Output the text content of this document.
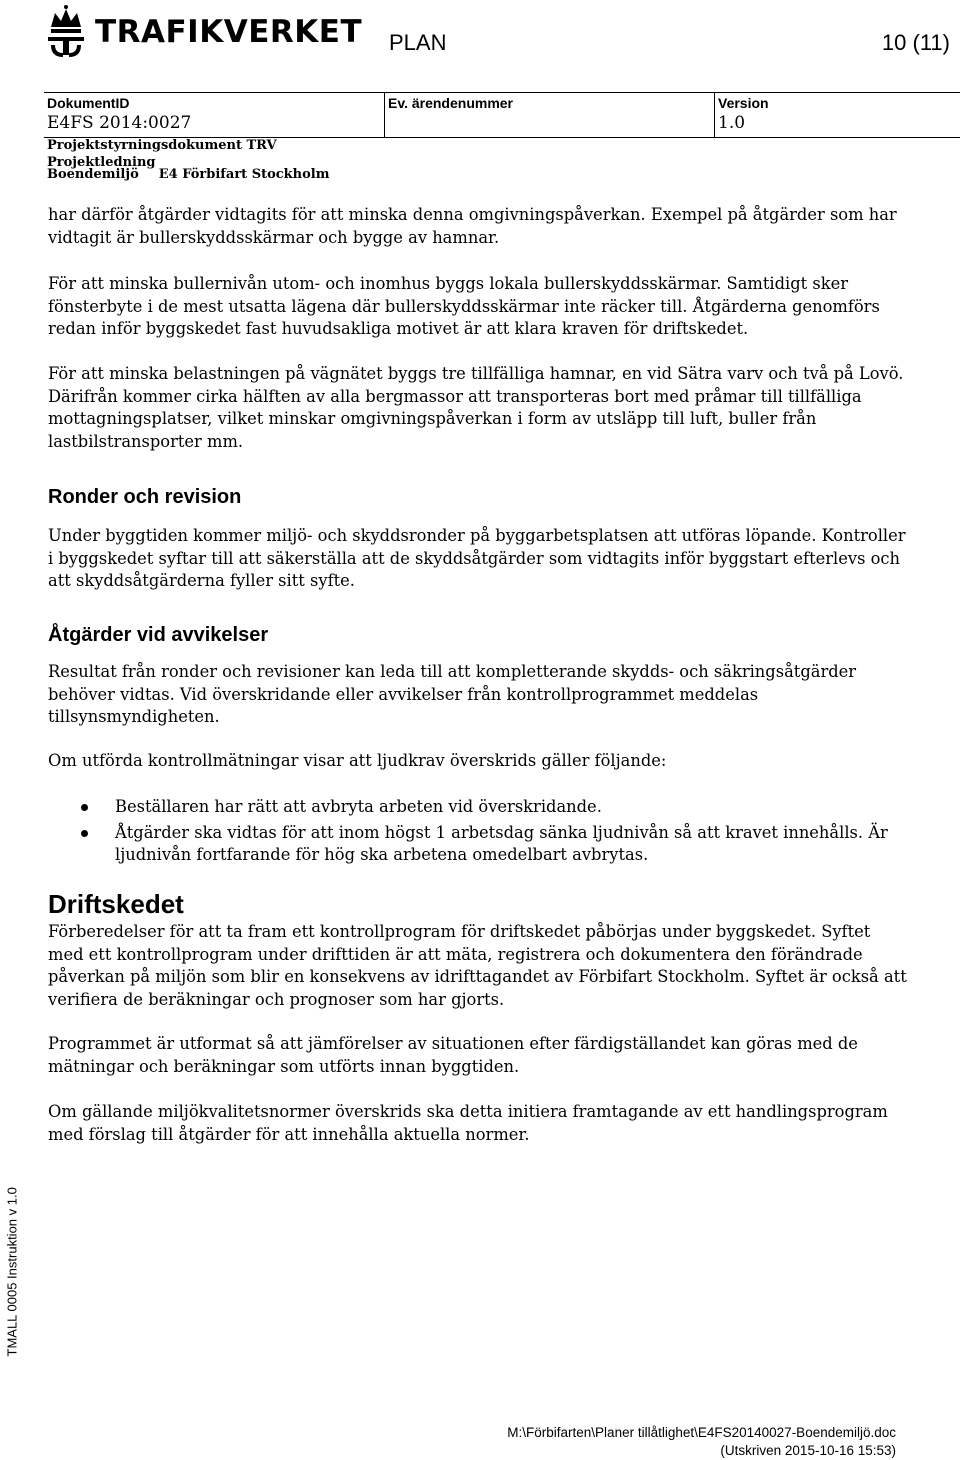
TRAFIKVERKET PLAN	10 (11)
DokumentID
E4FS 2014:0027
Ev. ärendenummer	Version
1.0
Projektstyrningsdokument TRV
Projektledning
Boendemiljö E4 Förbifart Stockholm
har därför åtgärder vidtagits för att minska denna omgivningspåverkan. Exempel på åtgärder som har vidtagit är bullerskyddsskärmar och bygge av hamnar.
För att minska bullernivån utom- och inomhus byggs lokala bullerskyddsskärmar. Samtidigt sker fönsterbyte i de mest utsatta lägena där bullerskyddsskärmar inte räcker till. Åtgärderna genomförs redan inför byggskedet fast huvudsakliga motivet är att klara kraven för driftskedet.
För att minska belastningen på vägnätet byggs tre tillfälliga hamnar, en vid Sätra varv och två på Lovö. Därifrån kommer cirka hälften av alla bergmassor att transporteras bort med pråmar till tillfälliga mottagningsplatser, vilket minskar omgivningspåverkan i form av utsläpp till luft, buller från lastbilstransporter mm.
Ronder och revision
Under byggtiden kommer miljö- och skyddsronder på byggarbetsplatsen att utföras löpande. Kontroller i byggskedet syftar till att säkerställa att de skyddsåtgärder som vidtagits inför byggstart efterlevs och att skyddsåtgärderna fyller sitt syfte.
Åtgärder vid avvikelser
Resultat från ronder och revisioner kan leda till att kompletterande skydds- och säkringsåtgärder behöver vidtas. Vid överskridande eller avvikelser från kontrollprogrammet meddelas tillsynsmyndigheten.
Om utförda kontrollmätningar visar att ljudkrav överskrids gäller följande:
Beställaren har rätt att avbryta arbeten vid överskridande.
Åtgärder ska vidtas för att inom högst 1 arbetsdag sänka ljudnivån så att kravet innehålls. Är ljudnivån fortfarande för hög ska arbetena omedelbart avbrytas.
Driftskedet
Förberedelser för att ta fram ett kontrollprogram för driftskedet påbörjas under byggskedet. Syftet med ett kontrollprogram under drifttiden är att mäta, registrera och dokumentera den förändrade påverkan på miljön som blir en konsekvens av idrifttagandet av Förbifart Stockholm. Syftet är också att verifiera de beräkningar och prognoser som har gjorts.
Programmet är utformat så att jämförelser av situationen efter färdigställandet kan göras med de mätningar och beräkningar som utförts innan byggtiden.
Om gällande miljökvalitetsnormer överskrids ska detta initiera framtagande av ett handlingsprogram med förslag till åtgärder för att innehålla aktuella normer.
TMALL 0005 Instruktion v 1.0
M:\Förbifarten\Planer tillåtlighet\E4FS20140027-Boendemiljö.doc
(Utskriven 2015-10-16 15:53)
